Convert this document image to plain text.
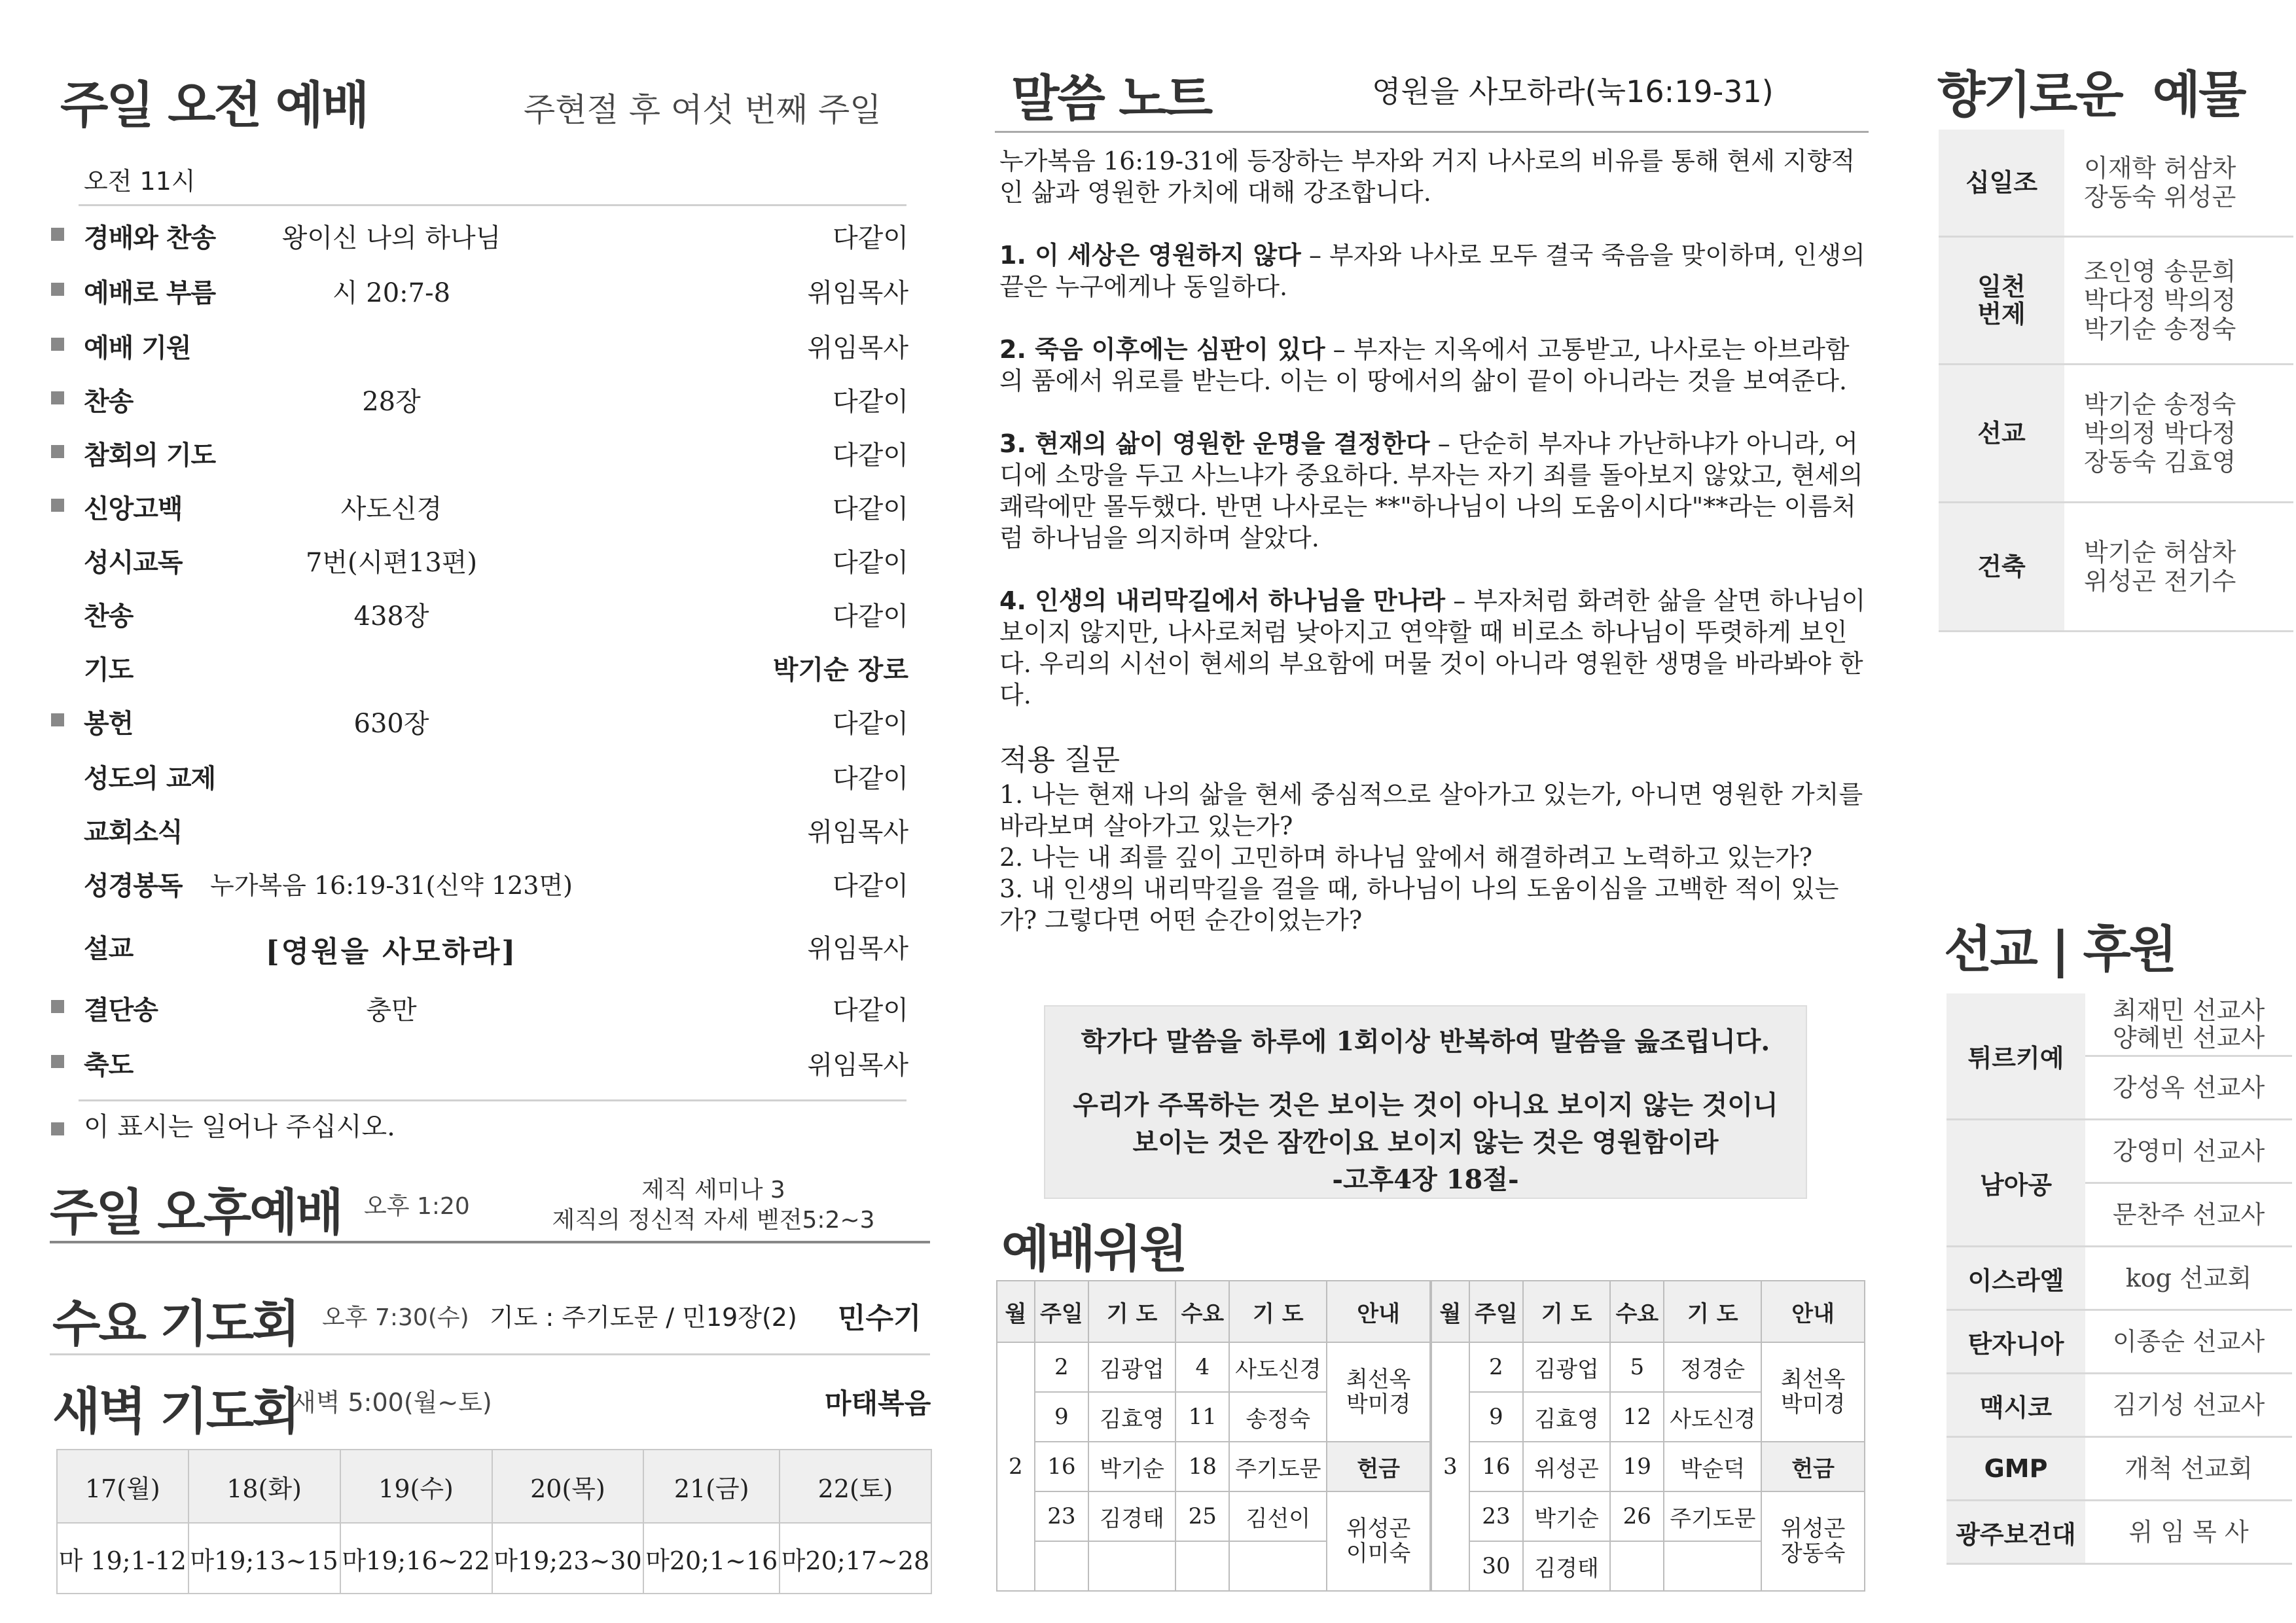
주일 오전 예배	주현절 후 여섯 번째 주일
오전 11시
경배와 찬송	왕이신 나의 하나님	다같이
예배로 부름	시 20:7-8	위임목사
예배 기원	위임목사
찬송	28장	다같이
참회의 기도	다같이
신앙고백	사도신경	다같이
성시교독	7번(시편13편)	다같이
찬송	438장	다같이
기도	박기순 장로
봉헌	630장	다같이
성도의 교제	다같이
교회소식	위임목사
성경봉독	누가복음 16:19-31(신약 123면)	다같이
설교	[영원을 사모하라]	위임목사
결단송	충만	다같이
축도	위임목사
이 표시는 일어나 주십시오.
주일 오후예배 오후 1:20
제직 세미나 3
제직의 정신적 자세 벧전5:2~3
수요 기도회 오후 7:30(수) 기도 : 주기도문 / 민19장(2) 민수기
새벽 기도회
새벽 5:00(월~토)	마태복음
17(월)	18(화)	19(수)	20(목)	21(금)	22(토)
마 19;1-12	마19;13~15	마19;16~22	마19;23~30	마20;1~16	마20;17~28
말씀 노트	영원을 사모하라(눅16:19-31)

누가복음 16:19-31에 등장하는 부자와 거지 나사로의 비유를 통해 현세 지향적인 삶과 영원한 가치에 대해 강조합니다.

1. 이 세상은 영원하지 않다 – 부자와 나사로 모두 결국 죽음을 맞이하며, 인생의 끝은 누구에게나 동일하다.

2. 죽음 이후에는 심판이 있다 – 부자는 지옥에서 고통받고, 나사로는 아브라함의 품에서 위로를 받는다. 이는 이 땅에서의 삶이 끝이 아니라는 것을 보여준다.

3. 현재의 삶이 영원한 운명을 결정한다 – 단순히 부자냐 가난하냐가 아니라, 어디에 소망을 두고 사느냐가 중요하다. 부자는 자기 죄를 돌아보지 않았고, 현세의 쾌락에만 몰두했다. 반면 나사로는 **"하나님이 나의 도움이시다"**라는 이름처럼 하나님을 의지하며 살았다.

4. 인생의 내리막길에서 하나님을 만나라 – 부자처럼 화려한 삶을 살면 하나님이 보이지 않지만, 나사로처럼 낮아지고 연약할 때 비로소 하나님이 뚜렷하게 보인다. 우리의 시선이 현세의 부요함에 머물 것이 아니라 영원한 생명을 바라봐야 한다.

적용 질문
1. 나는 현재 나의 삶을 현세 중심적으로 살아가고 있는가, 아니면 영원한 가치를 바라보며 살아가고 있는가?
2. 나는 내 죄를 깊이 고민하며 하나님 앞에서 해결하려고 노력하고 있는가?
3. 내 인생의 내리막길을 걸을 때, 하나님이 나의 도움이심을 고백한 적이 있는가? 그렇다면 어떤 순간이었는가?
학가다 말씀을 하루에 1회이상 반복하여 말씀을 읊조립니다.
우리가 주목하는 것은 보이는 것이 아니요 보이지 않는 것이니
보이는 것은 잠깐이요 보이지 않는 것은 영원함이라
-고후4장 18절-
예배위원
월	주일	기 도	수요	기 도	안내
2	2	김광업	4	사도신경	최선옥
박미경
	9	김효영	11	송정숙	
	16	박기순	18	주기도문	헌금
	23	김경태	25	김선이	위성곤
이미숙

월	주일	기 도	수요	기 도	안내
3	2	김광업	5	정경순	최선옥
박미경
	9	김효영	12	사도신경	
	16	위성곤	19	박순덕	헌금
	23	박기순	26	주기도문	위성곤
장동숙
	30	김경태			
향기로운  예물
십일조	이재학 허삼차
장동숙 위성곤
일천
번제	조인영 송문희
박다정 박의정
박기순 송정숙
선교	박기순 송정숙
박의정 박다정
장동숙 김효영
건축	박기순 허삼차
위성곤 전기수
선교 | 후원
튀르키예	최재민 선교사
양혜빈 선교사
	강성옥 선교사
남아공	강영미 선교사
	문찬주 선교사
이스라엘	kog 선교회
탄자니아	이종순 선교사
맥시코	김기성 선교사
GMP	개척 선교회
광주보건대	위 임 목 사
